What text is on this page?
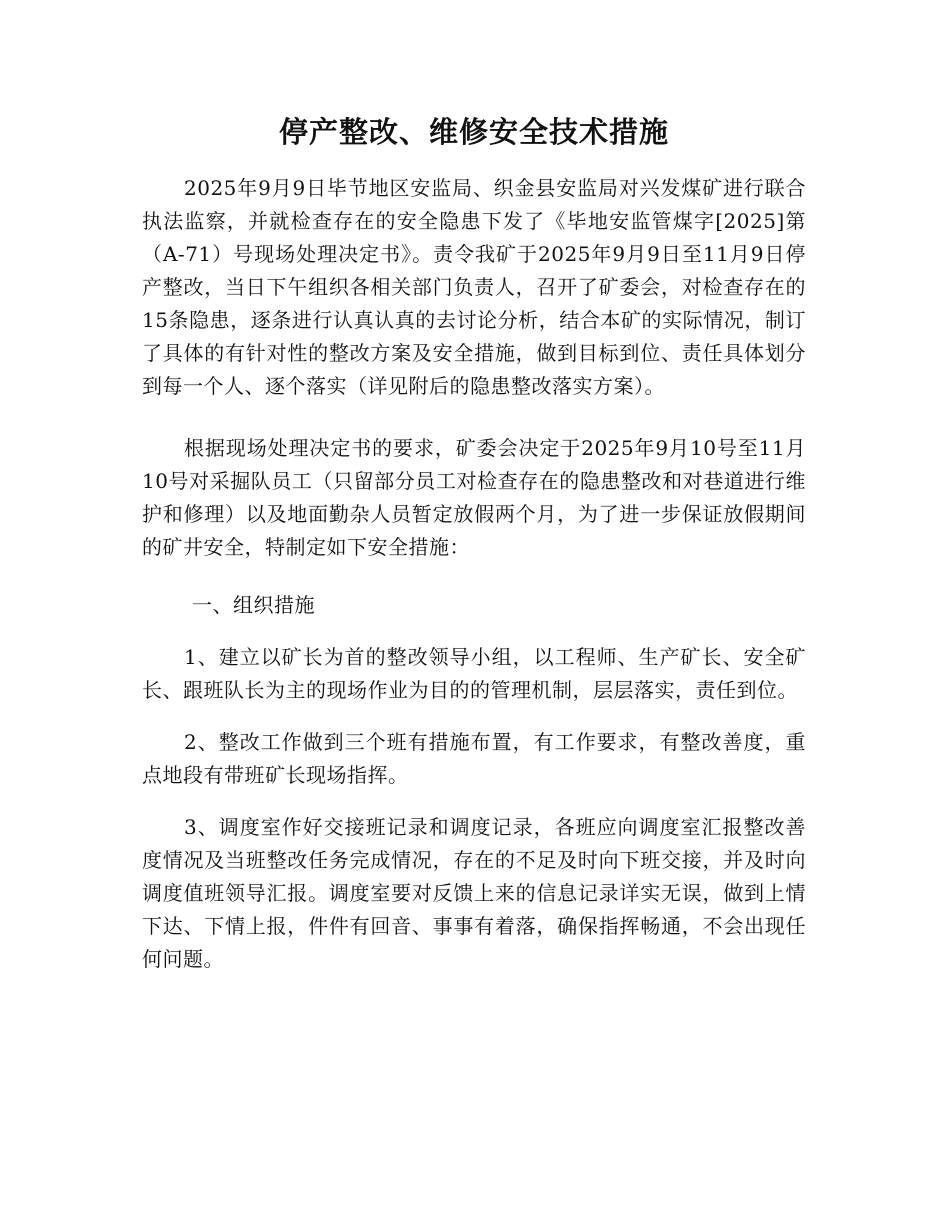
停产整改、维修安全技术措施

2025年9月9日毕节地区安监局、织金县安监局对兴发煤矿进行联合执法监察，并就检查存在的安全隐患下发了《毕地安监管煤字[2025]第（A-71）号现场处理决定书》。责令我矿于2025年9月9日至11月9日停产整改，当日下午组织各相关部门负责人，召开了矿委会，对检查存在的15条隐患，逐条进行认真认真的去讨论分析，结合本矿的实际情况，制订了具体的有针对性的整改方案及安全措施，做到目标到位、责任具体划分到每一个人、逐个落实（详见附后的隐患整改落实方案）。

根据现场处理决定书的要求，矿委会决定于2025年9月10号至11月10号对采掘队员工（只留部分员工对检查存在的隐患整改和对巷道进行维护和修理）以及地面勤杂人员暂定放假两个月，为了进一步保证放假期间的矿井安全，特制定如下安全措施：

一、组织措施

1、建立以矿长为首的整改领导小组，以工程师、生产矿长、安全矿长、跟班队长为主的现场作业为目的的管理机制，层层落实，责任到位。

2、整改工作做到三个班有措施布置，有工作要求，有整改善度，重点地段有带班矿长现场指挥。

3、调度室作好交接班记录和调度记录，各班应向调度室汇报整改善度情况及当班整改任务完成情况，存在的不足及时向下班交接，并及时向调度值班领导汇报。调度室要对反馈上来的信息记录详实无误，做到上情下达、下情上报，件件有回音、事事有着落，确保指挥畅通，不会出现任何问题。
